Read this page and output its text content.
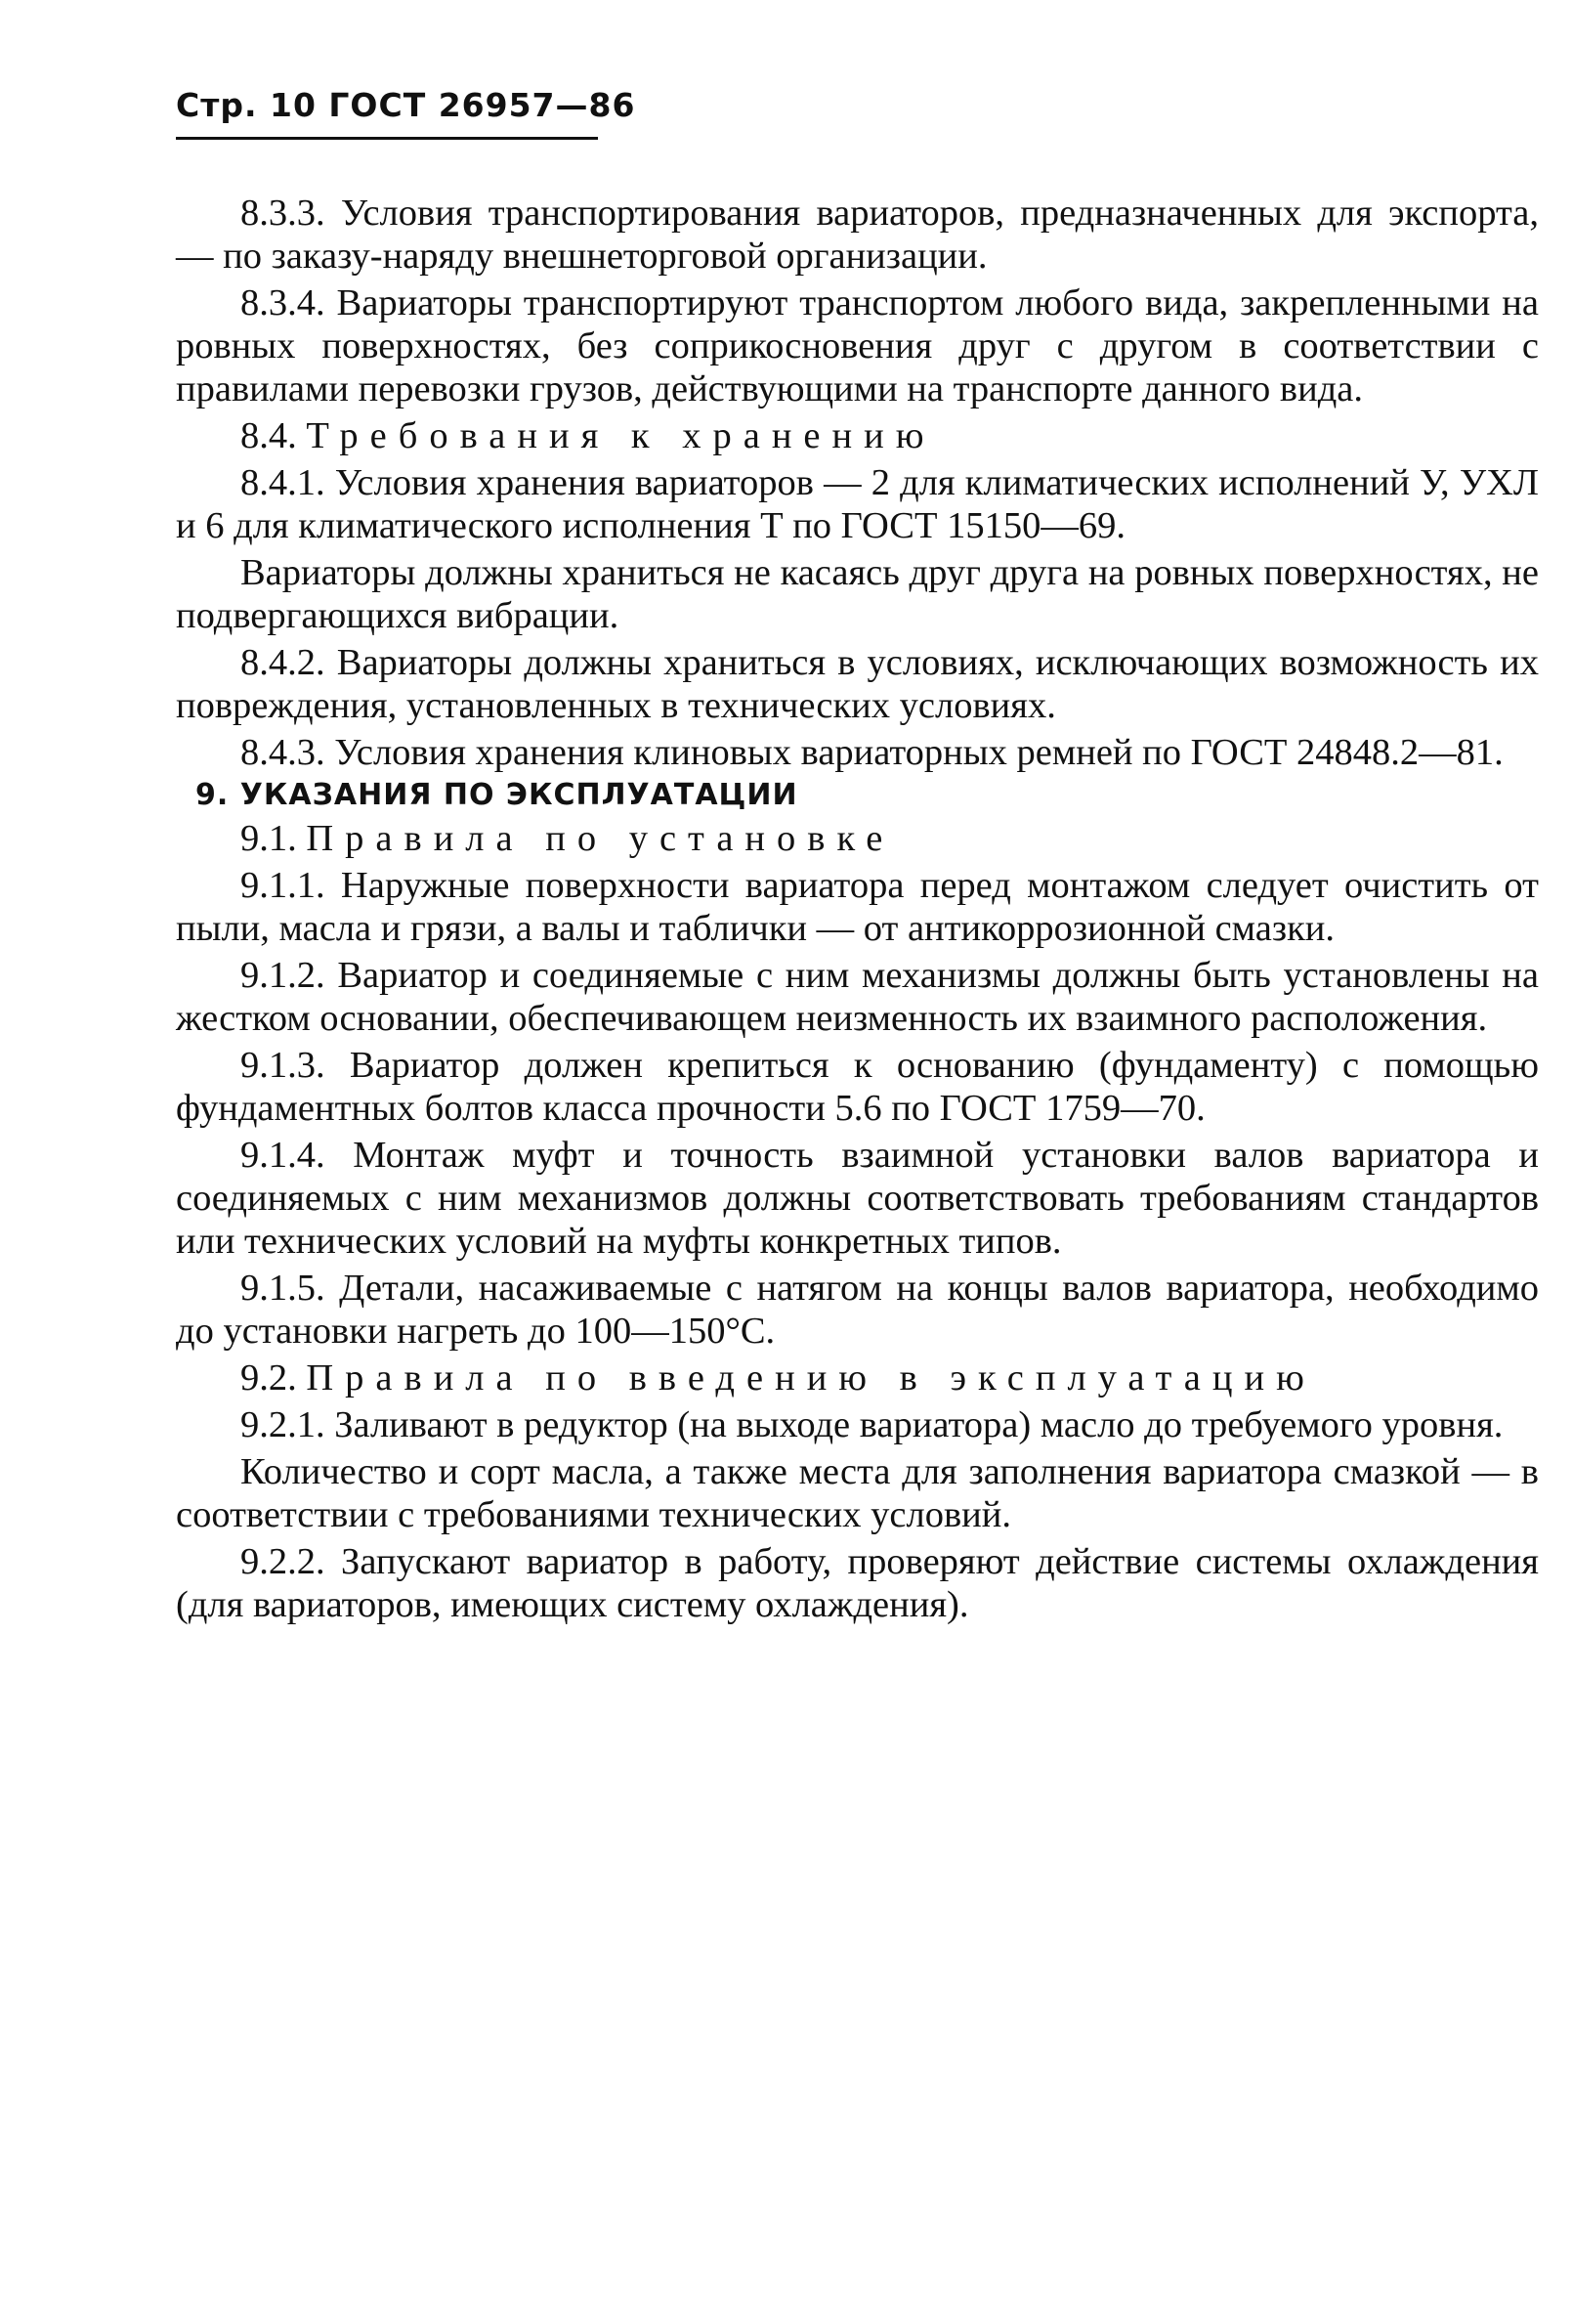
Стр. 10 ГОСТ 26957—86

8.3.3. Условия транспортирования вариаторов, предназначенных для экспорта, — по заказу-наряду внешнеторговой организации.

8.3.4. Вариаторы транспортируют транспортом любого вида, закрепленными на ровных поверхностях, без соприкосновения друг с другом в соответствии с правилами перевозки грузов, действующими на транспорте данного вида.

8.4. Требования к хранению

8.4.1. Условия хранения вариаторов — 2 для климатических исполнений У, УХЛ и 6 для климатического исполнения Т по ГОСТ 15150—69.

Вариаторы должны храниться не касаясь друг друга на ровных поверхностях, не подвергающихся вибрации.

8.4.2. Вариаторы должны храниться в условиях, исключающих возможность их повреждения, установленных в технических условиях.

8.4.3. Условия хранения клиновых вариаторных ремней по ГОСТ 24848.2—81.

9. УКАЗАНИЯ ПО ЭКСПЛУАТАЦИИ

9.1. Правила по установке

9.1.1. Наружные поверхности вариатора перед монтажом следует очистить от пыли, масла и грязи, а валы и таблички — от антикоррозионной смазки.

9.1.2. Вариатор и соединяемые с ним механизмы должны быть установлены на жестком основании, обеспечивающем неизменность их взаимного расположения.

9.1.3. Вариатор должен крепиться к основанию (фундаменту) с помощью фундаментных болтов класса прочности 5.6 по ГОСТ 1759—70.

9.1.4. Монтаж муфт и точность взаимной установки валов вариатора и соединяемых с ним механизмов должны соответствовать требованиям стандартов или технических условий на муфты конкретных типов.

9.1.5. Детали, насаживаемые с натягом на концы валов вариатора, необходимо до установки нагреть до 100—150°С.

9.2. Правила по введению в эксплуатацию

9.2.1. Заливают в редуктор (на выходе вариатора) масло до требуемого уровня.

Количество и сорт масла, а также места для заполнения вариатора смазкой — в соответствии с требованиями технических условий.

9.2.2. Запускают вариатор в работу, проверяют действие системы охлаждения (для вариаторов, имеющих систему охлаждения).
